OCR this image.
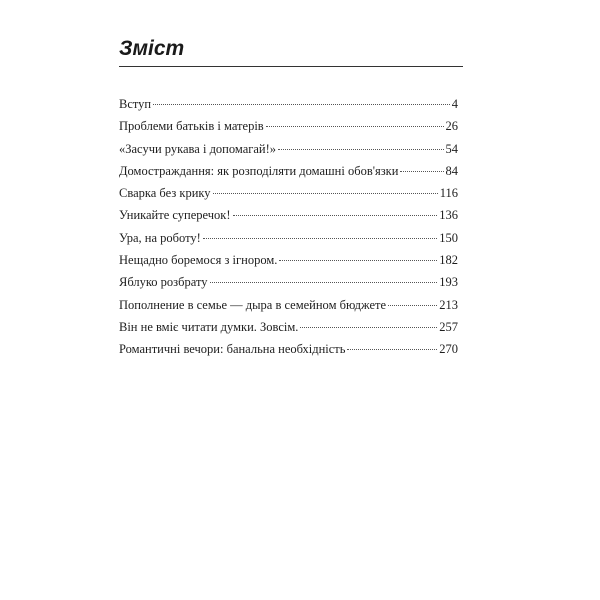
Зміст
Вступ	4
Проблеми батьків і матерів	26
«Засучи рукава і допомагай!»	54
Домостраждання: як розподіляти домашні обов'язки	84
Сварка без крику	116
Уникайте суперечок!	136
Ура, на роботу!	150
Нещадно боремося з ігнором.	182
Яблуко розбрату	193
Пополнение в семье — дыра в семейном бюджете	213
Він не вміє читати думки. Зовсім.	257
Романтичні вечори: банальна необхідність	270
